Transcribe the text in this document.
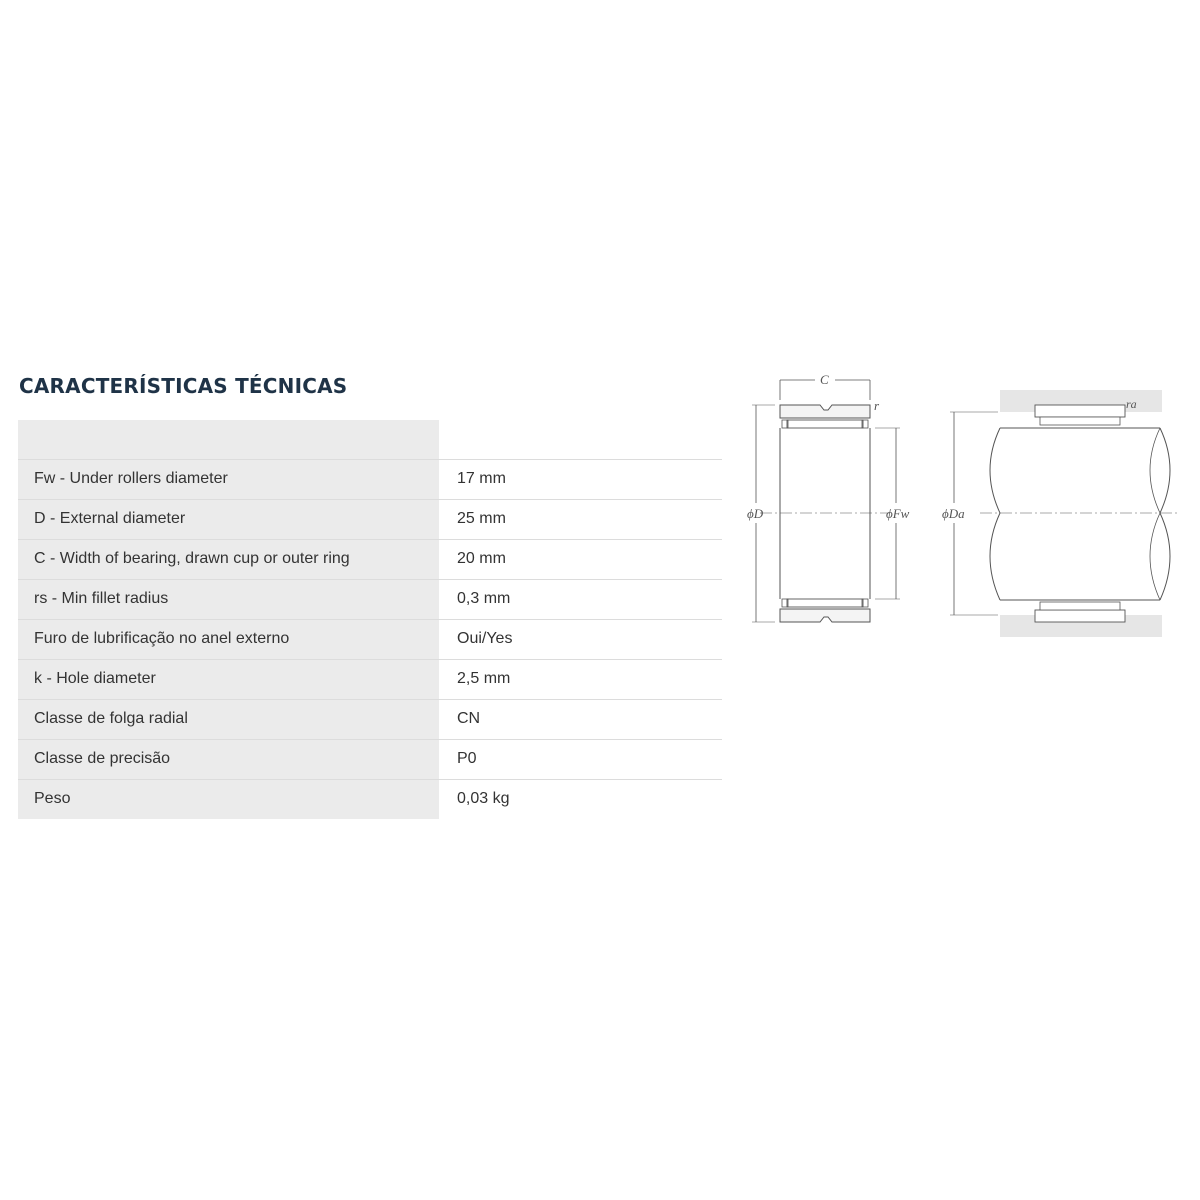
CARACTERÍSTICAS TÉCNICAS

Fw - Under rollers diameter	17 mm
D - External diameter	25 mm
C - Width of bearing, drawn cup or outer ring	20 mm
rs - Min fillet radius	0,3 mm
Furo de lubrificação no anel externo	Oui/Yes
k - Hole diameter	2,5 mm
Classe de folga radial	CN
Classe de precisão	P0
Peso	0,03 kg
C
r
ϕD	ϕFw
ra
ϕDa
